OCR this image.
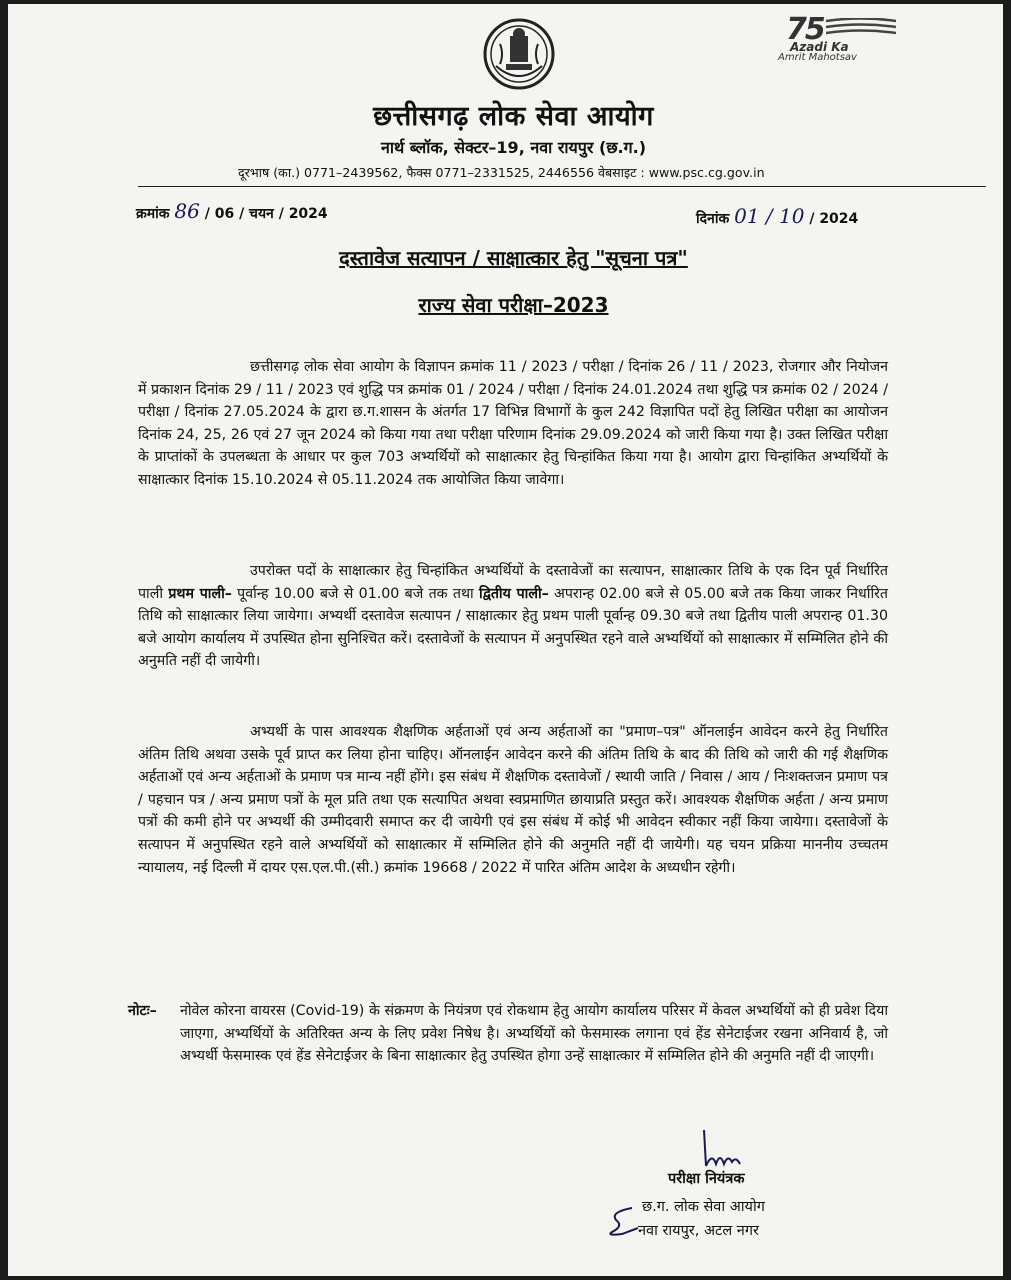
75
Azadi Ka
Amrit Mahotsav
छत्तीसगढ़ लोक सेवा आयोग
नार्थ ब्लॉक, सेक्टर–19, नवा रायपुर (छ.ग.)
दूरभाष (का.) 0771–2439562, फैक्स 0771–2331525, 2446556 वेबसाइट : www.psc.cg.gov.in
क्रमांक 86 / 06 / चयन / 2024	दिनांक 01 / 10 / 2024
दस्तावेज सत्यापन / साक्षात्कार हेतु "सूचना पत्र"
राज्य सेवा परीक्षा–2023
छत्तीसगढ़ लोक सेवा आयोग के विज्ञापन क्रमांक 11 / 2023 / परीक्षा / दिनांक 26 / 11 / 2023, रोजगार और नियोजन में प्रकाशन दिनांक 29 / 11 / 2023 एवं शुद्धि पत्र क्रमांक 01 / 2024 / परीक्षा / दिनांक 24.01.2024 तथा शुद्धि पत्र क्रमांक 02 / 2024 / परीक्षा / दिनांक 27.05.2024 के द्वारा छ.ग.शासन के अंतर्गत 17 विभिन्न विभागों के कुल 242 विज्ञापित पदों हेतु लिखित परीक्षा का आयोजन दिनांक 24, 25, 26 एवं 27 जून 2024 को किया गया तथा परीक्षा परिणाम दिनांक 29.09.2024 को जारी किया गया है। उक्त लिखित परीक्षा के प्राप्तांकों के उपलब्धता के आधार पर कुल 703 अभ्यर्थियों को साक्षात्कार हेतु चिन्हांकित किया गया है। आयोग द्वारा चिन्हांकित अभ्यर्थियों के साक्षात्कार दिनांक 15.10.2024 से 05.11.2024 तक आयोजित किया जावेगा।
उपरोक्त पदों के साक्षात्कार हेतु चिन्हांकित अभ्यर्थियों के दस्तावेजों का सत्यापन, साक्षात्कार तिथि के एक दिन पूर्व निर्धारित पाली प्रथम पाली– पूर्वान्ह 10.00 बजे से 01.00 बजे तक तथा द्वितीय पाली– अपरान्ह 02.00 बजे से 05.00 बजे तक किया जाकर निर्धारित तिथि को साक्षात्कार लिया जायेगा। अभ्यर्थी दस्तावेज सत्यापन / साक्षात्कार हेतु प्रथम पाली पूर्वान्ह 09.30 बजे तथा द्वितीय पाली अपरान्ह 01.30 बजे आयोग कार्यालय में उपस्थित होना सुनिश्चित करें। दस्तावेजों के सत्यापन में अनुपस्थित रहने वाले अभ्यर्थियों को साक्षात्कार में सम्मिलित होने की अनुमति नहीं दी जायेगी।
अभ्यर्थी के पास आवश्यक शैक्षणिक अर्हताओं एवं अन्य अर्हताओं का "प्रमाण–पत्र" ऑनलाईन आवेदन करने हेतु निर्धारित अंतिम तिथि अथवा उसके पूर्व प्राप्त कर लिया होना चाहिए। ऑनलाईन आवेदन करने की अंतिम तिथि के बाद की तिथि को जारी की गई शैक्षणिक अर्हताओं एवं अन्य अर्हताओं के प्रमाण पत्र मान्य नहीं होंगे। इस संबंध में शैक्षणिक दस्तावेजों / स्थायी जाति / निवास / आय / निःशक्तजन प्रमाण पत्र / पहचान पत्र / अन्य प्रमाण पत्रों के मूल प्रति तथा एक सत्यापित अथवा स्वप्रमाणित छायाप्रति प्रस्तुत करें। आवश्यक शैक्षणिक अर्हता / अन्य प्रमाण पत्रों की कमी होने पर अभ्यर्थी की उम्मीदवारी समाप्त कर दी जायेगी एवं इस संबंध में कोई भी आवेदन स्वीकार नहीं किया जायेगा। दस्तावेजों के सत्यापन में अनुपस्थित रहने वाले अभ्यर्थियों को साक्षात्कार में सम्मिलित होने की अनुमति नहीं दी जायेगी। यह चयन प्रक्रिया माननीय उच्चतम न्यायालय, नई दिल्ली में दायर एस.एल.पी.(सी.) क्रमांक 19668 / 2022 में पारित अंतिम आदेश के अध्यधीन रहेगी।
नोटः– नोवेल कोरना वायरस (Covid-19) के संक्रमण के नियंत्रण एवं रोकथाम हेतु आयोग कार्यालय परिसर में केवल अभ्यर्थियों को ही प्रवेश दिया जाएगा, अभ्यर्थियों के अतिरिक्त अन्य के लिए प्रवेश निषेध है। अभ्यर्थियों को फेसमास्क लगाना एवं हेंड सेनेटाईजर रखना अनिवार्य है, जो अभ्यर्थी फेसमास्क एवं हेंड सेनेटाईजर के बिना साक्षात्कार हेतु उपस्थित होगा उन्हें साक्षात्कार में सम्मिलित होने की अनुमति नहीं दी जाएगी।
परीक्षा नियंत्रक
छ.ग. लोक सेवा आयोग
नवा रायपुर, अटल नगर
